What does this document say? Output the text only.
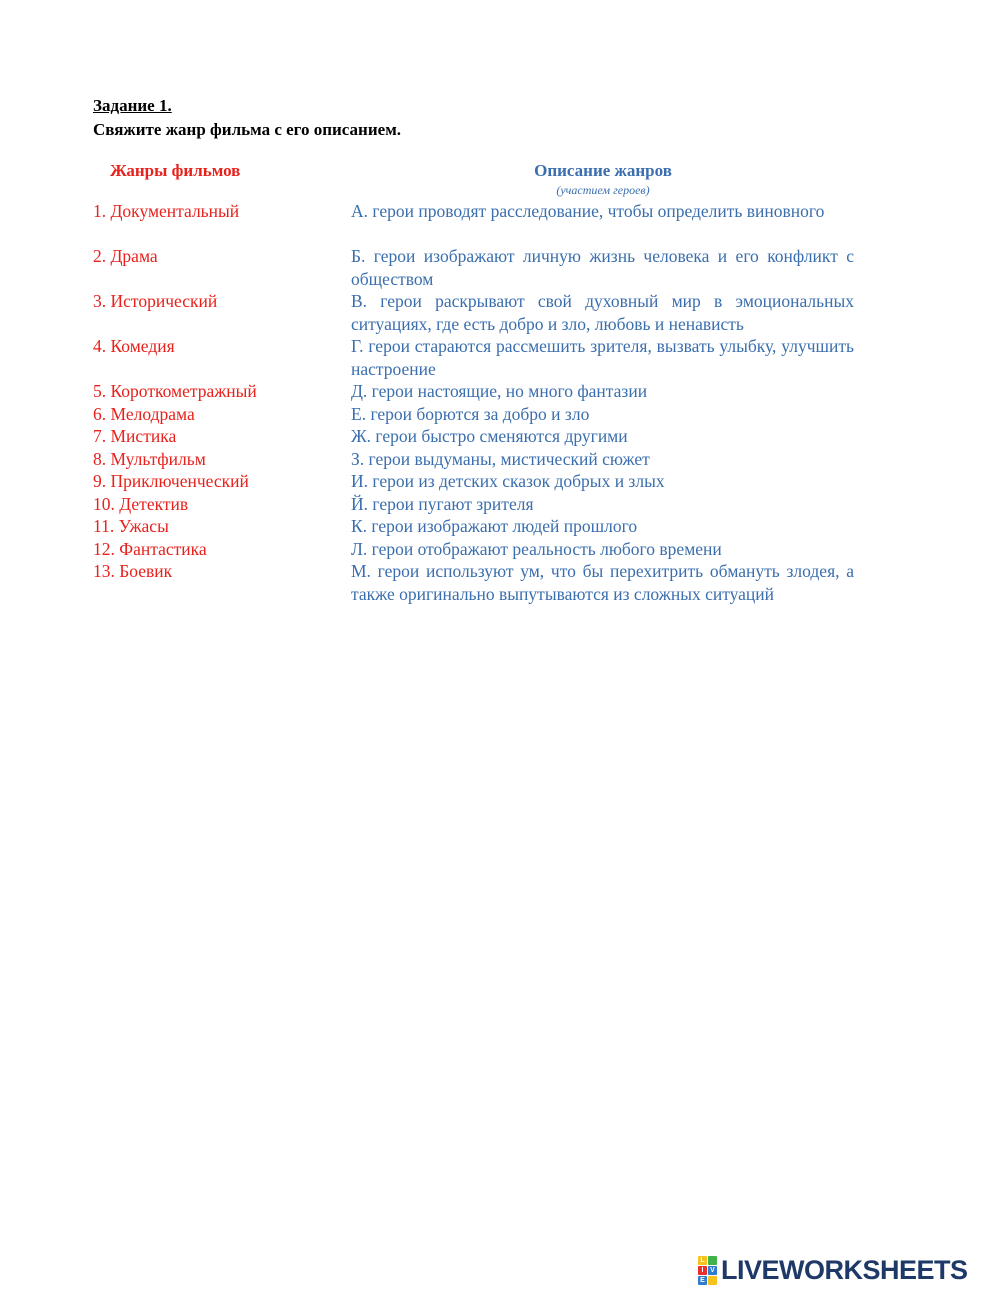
Задание 1.
Свяжите жанр фильма с его описанием.
Жанры фильмов	Описание жанров
(участием героев)
1. Документальный	А. герои проводят расследование, чтобы определить виновного
2. Драма	Б. герои изображают личную жизнь человека и его конфликт с обществом
3. Исторический	В. герои раскрывают свой духовный мир в эмоциональных ситуациях, где есть добро и зло, любовь и ненависть
4. Комедия	Г. герои стараются рассмешить зрителя, вызвать улыбку, улучшить настроение
5. Короткометражный	Д. герои настоящие, но много фантазии
6. Мелодрама	Е. герои борются за добро и зло
7. Мистика	Ж. герои быстро сменяются другими
8. Мультфильм	З. герои выдуманы, мистический сюжет
9. Приключенческий	И. герои из детских сказок добрых и злых
10. Детектив	Й. герои пугают зрителя
11. Ужасы	К. герои изображают людей прошлого
12. Фантастика	Л. герои отображают реальность любого времени
13. Боевик	М. герои используют ум, что бы перехитрить обмануть злодея, а также оригинально выпутываются из сложных ситуаций
L
I V
E LIVEWORKSHEETS
